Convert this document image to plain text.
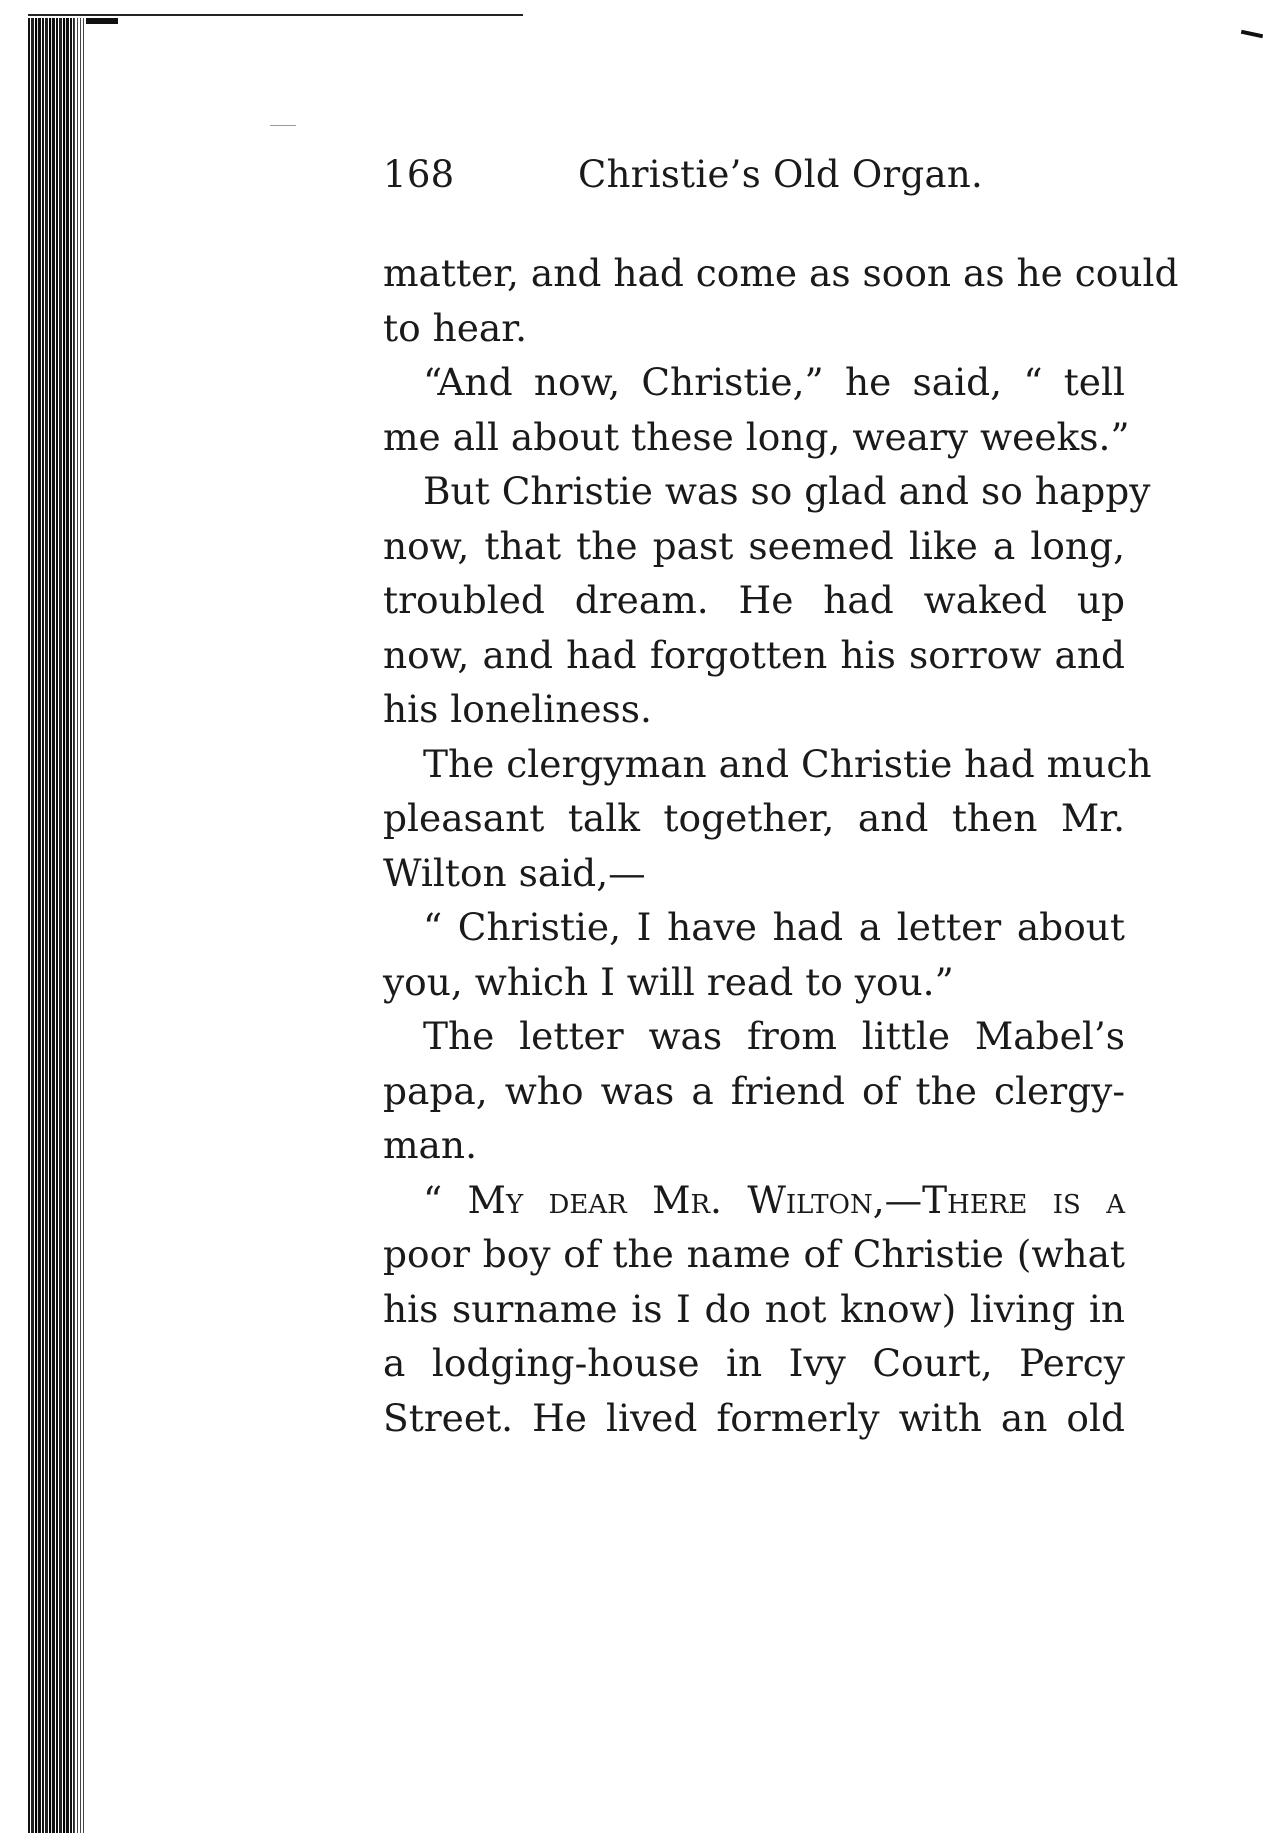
168	Christie’s Old Organ.
matter, and had come as soon as he could
to hear.
“And now, Christie,” he said, “ tell
me all about these long, weary weeks.”
But Christie was so glad and so happy
now, that the past seemed like a long,
troubled dream. He had waked up
now, and had forgotten his sorrow and
his loneliness.
The clergyman and Christie had much
pleasant talk together, and then Mr.
Wilton said,—
“ Christie, I have had a letter about
you, which I will read to you.”
The letter was from little Mabel’s
papa, who was a friend of the clergy-
man.
“ My dear Mr. Wilton,—There is a
poor boy of the name of Christie (what
his surname is I do not know) living in
a lodging-house in Ivy Court, Percy
Street. He lived formerly with an old
